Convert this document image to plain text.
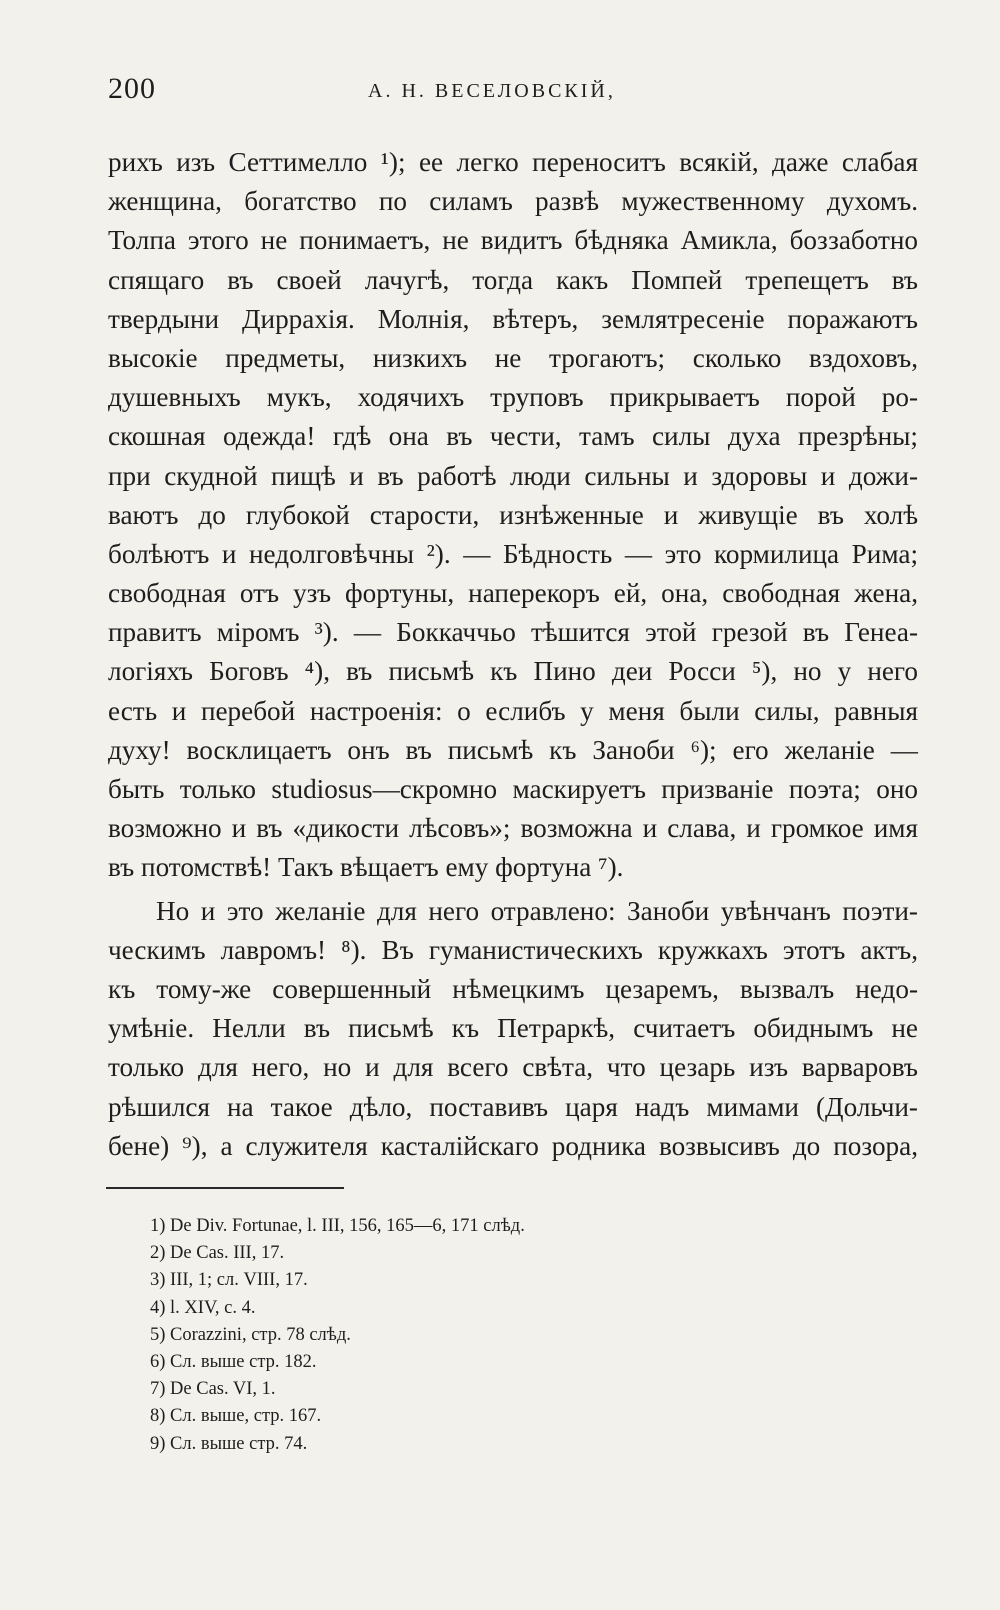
200	А. Н. ВЕСЕЛОВСКІЙ,
рихъ изъ Сеттимелло ¹); ее легко переноситъ всякій, даже слабая
женщина, богатство по силамъ развѣ мужественному духомъ.
Толпа этого не понимаетъ, не видитъ бѣдняка Амикла, боззаботно
спящаго въ своей лачугѣ, тогда какъ Помпей трепещетъ въ
твердыни Диррахія. Молнія, вѣтеръ, землятресеніе поражаютъ
высокіе предметы, низкихъ не трогаютъ; сколько вздоховъ,
душевныхъ мукъ, ходячихъ труповъ прикрываетъ порой ро-
скошная одежда! гдѣ она въ чести, тамъ силы духа презрѣны;
при скудной пищѣ и въ работѣ люди сильны и здоровы и дожи-
ваютъ до глубокой старости, изнѣженные и живущіе въ холѣ
болѣютъ и недолговѣчны ²). — Бѣдность — это кормилица Рима;
свободная отъ узъ фортуны, наперекоръ ей, она, свободная жена,
правитъ міромъ ³). — Боккаччьо тѣшится этой грезой въ Генеа-
логіяхъ Боговъ ⁴), въ письмѣ къ Пино деи Росси ⁵), но у него
есть и перебой настроенія: о еслибъ у меня были силы, равныя
духу! восклицаетъ онъ въ письмѣ къ Заноби ⁶); его желаніе —
быть только studiosus—скромно маскируетъ призваніе поэта; оно
возможно и въ «дикости лѣсовъ»; возможна и слава, и громкое имя
въ потомствѣ! Такъ вѣщаетъ ему фортуна ⁷).
Но и это желаніе для него отравлено: Заноби увѣнчанъ поэти-
ческимъ лавромъ! ⁸). Въ гуманистическихъ кружкахъ этотъ актъ,
къ тому-же совершенный нѣмецкимъ цезаремъ, вызвалъ недо-
умѣніе. Нелли въ письмѣ къ Петраркѣ, считаетъ обиднымъ не
только для него, но и для всего свѣта, что цезарь изъ варваровъ
рѣшился на такое дѣло, поставивъ царя надъ мимами (Дольчи-
бене) ⁹), а служителя касталійскаго родника возвысивъ до позора,
1) De Div. Fortunae, l. III, 156, 165—6, 171 слѣд.
2) De Cas. III, 17.
3) III, 1; сл. VIII, 17.
4) l. XIV, c. 4.
5) Corazzini, стр. 78 слѣд.
6) Сл. выше стр. 182.
7) De Cas. VI, 1.
8) Сл. выше, стр. 167.
9) Сл. выше стр. 74.
